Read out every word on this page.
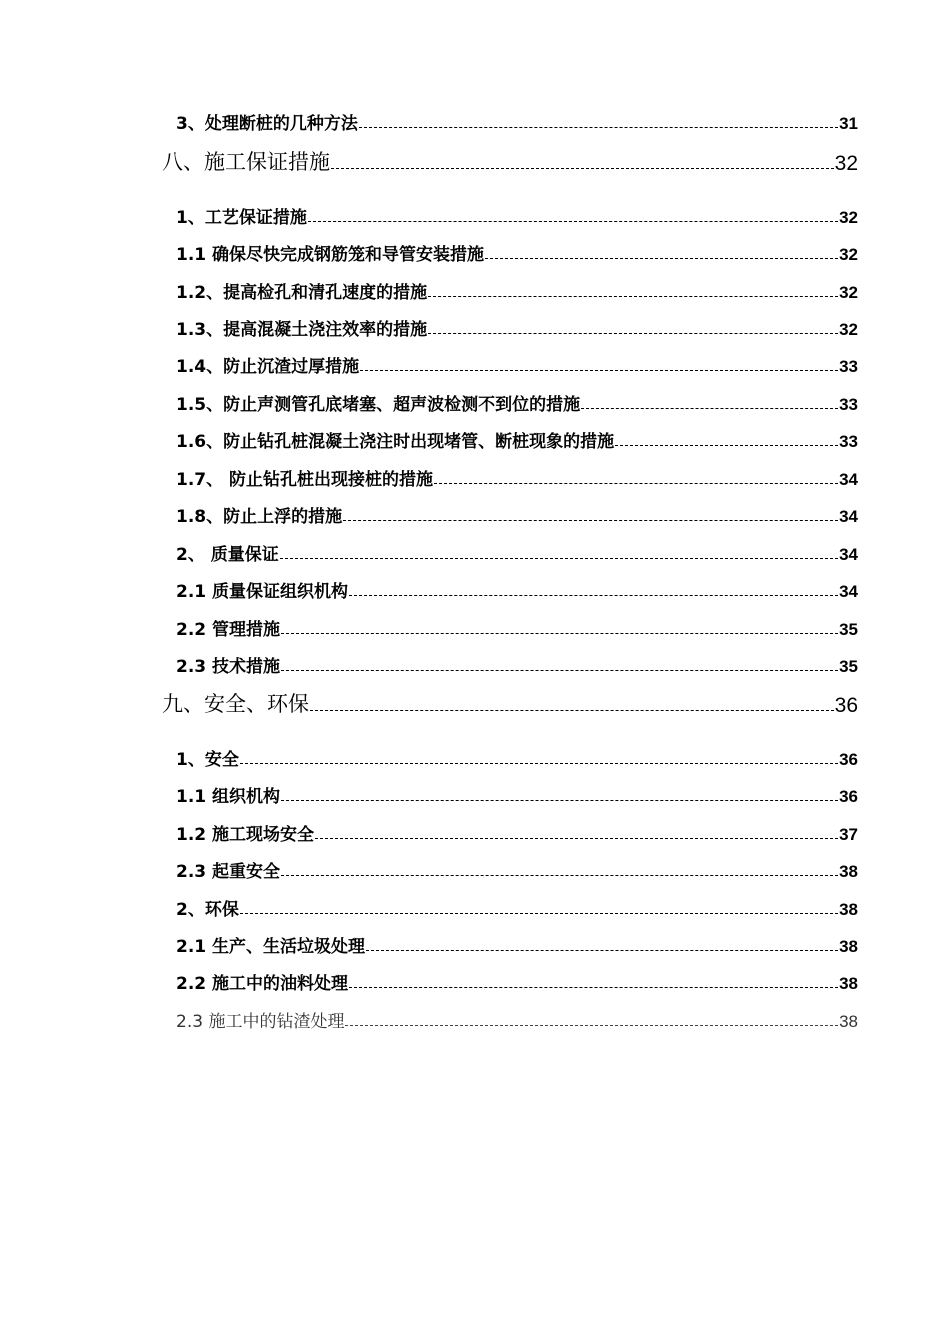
3、处理断桩的几种方法	31
八、施工保证措施	32
1、工艺保证措施	32
1.1 确保尽快完成钢筋笼和导管安装措施	32
1.2、提高检孔和清孔速度的措施	32
1.3、提高混凝土浇注效率的措施	32
1.4、防止沉渣过厚措施	33
1.5、防止声测管孔底堵塞、超声波检测不到位的措施	33
1.6、防止钻孔桩混凝土浇注时出现堵管、断桩现象的措施	33
1.7、 防止钻孔桩出现接桩的措施	34
1.8、防止上浮的措施	34
2、 质量保证	34
2.1 质量保证组织机构	34
2.2 管理措施	35
2.3 技术措施	35
九、安全、环保	36
1、安全	36
1.1 组织机构	36
1.2 施工现场安全	37
2.3 起重安全	38
2、环保	38
2.1 生产、生活垃圾处理	38
2.2 施工中的油料处理	38
2.3 施工中的钻渣处理	38
